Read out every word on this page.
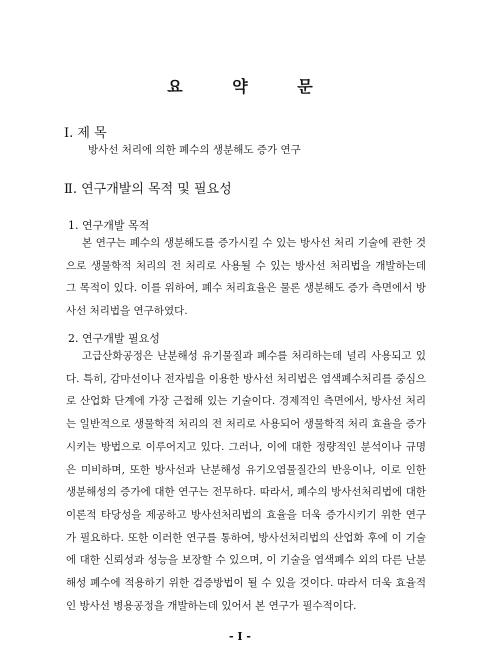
요 약 문
Ⅰ. 제 목
방사선 처리에 의한 폐수의 생분해도 증가 연구
Ⅱ. 연구개발의 목적 및 필요성
1. 연구개발 목적

본 연구는 폐수의 생분해도를 증가시킬 수 있는 방사선 처리 기술에 관한 것으로 생물학적 처리의 전 처리로 사용될 수 있는 방사선 처리법을 개발하는데 그 목적이 있다. 이를 위하여, 폐수 처리효율은 물론 생분해도 증가 측면에서 방사선 처리법을 연구하였다.

2. 연구개발 필요성

고급산화공정은 난분해성 유기물질과 폐수를 처리하는데 널리 사용되고 있다. 특히, 감마선이나 전자빔을 이용한 방사선 처리법은 염색폐수처리를 중심으로 산업화 단계에 가장 근접해 있는 기술이다. 경제적인 측면에서, 방사선 처리는 일반적으로 생물학적 처리의 전 처리로 사용되어 생물학적 처리 효율을 증가시키는 방법으로 이루어지고 있다. 그러나, 이에 대한 정량적인 분석이나 규명은 미비하며, 또한 방사선과 난분해성 유기오염물질간의 반응이나, 이로 인한 생분해성의 증가에 대한 연구는 전무하다. 따라서, 폐수의 방사선처리법에 대한 이론적 타당성을 제공하고 방사선처리법의 효율을 더욱 증가시키기 위한 연구가 필요하다. 또한 이러한 연구를 통하여, 방사선처리법의 산업화 후에 이 기술에 대한 신뢰성과 성능을 보장할 수 있으며, 이 기술을 염색폐수 외의 다른 난분해성 폐수에 적용하기 위한 검증방법이 될 수 있을 것이다. 따라서 더욱 효율적인 방사선 병용공정을 개발하는데 있어서 본 연구가 필수적이다.

- I -
